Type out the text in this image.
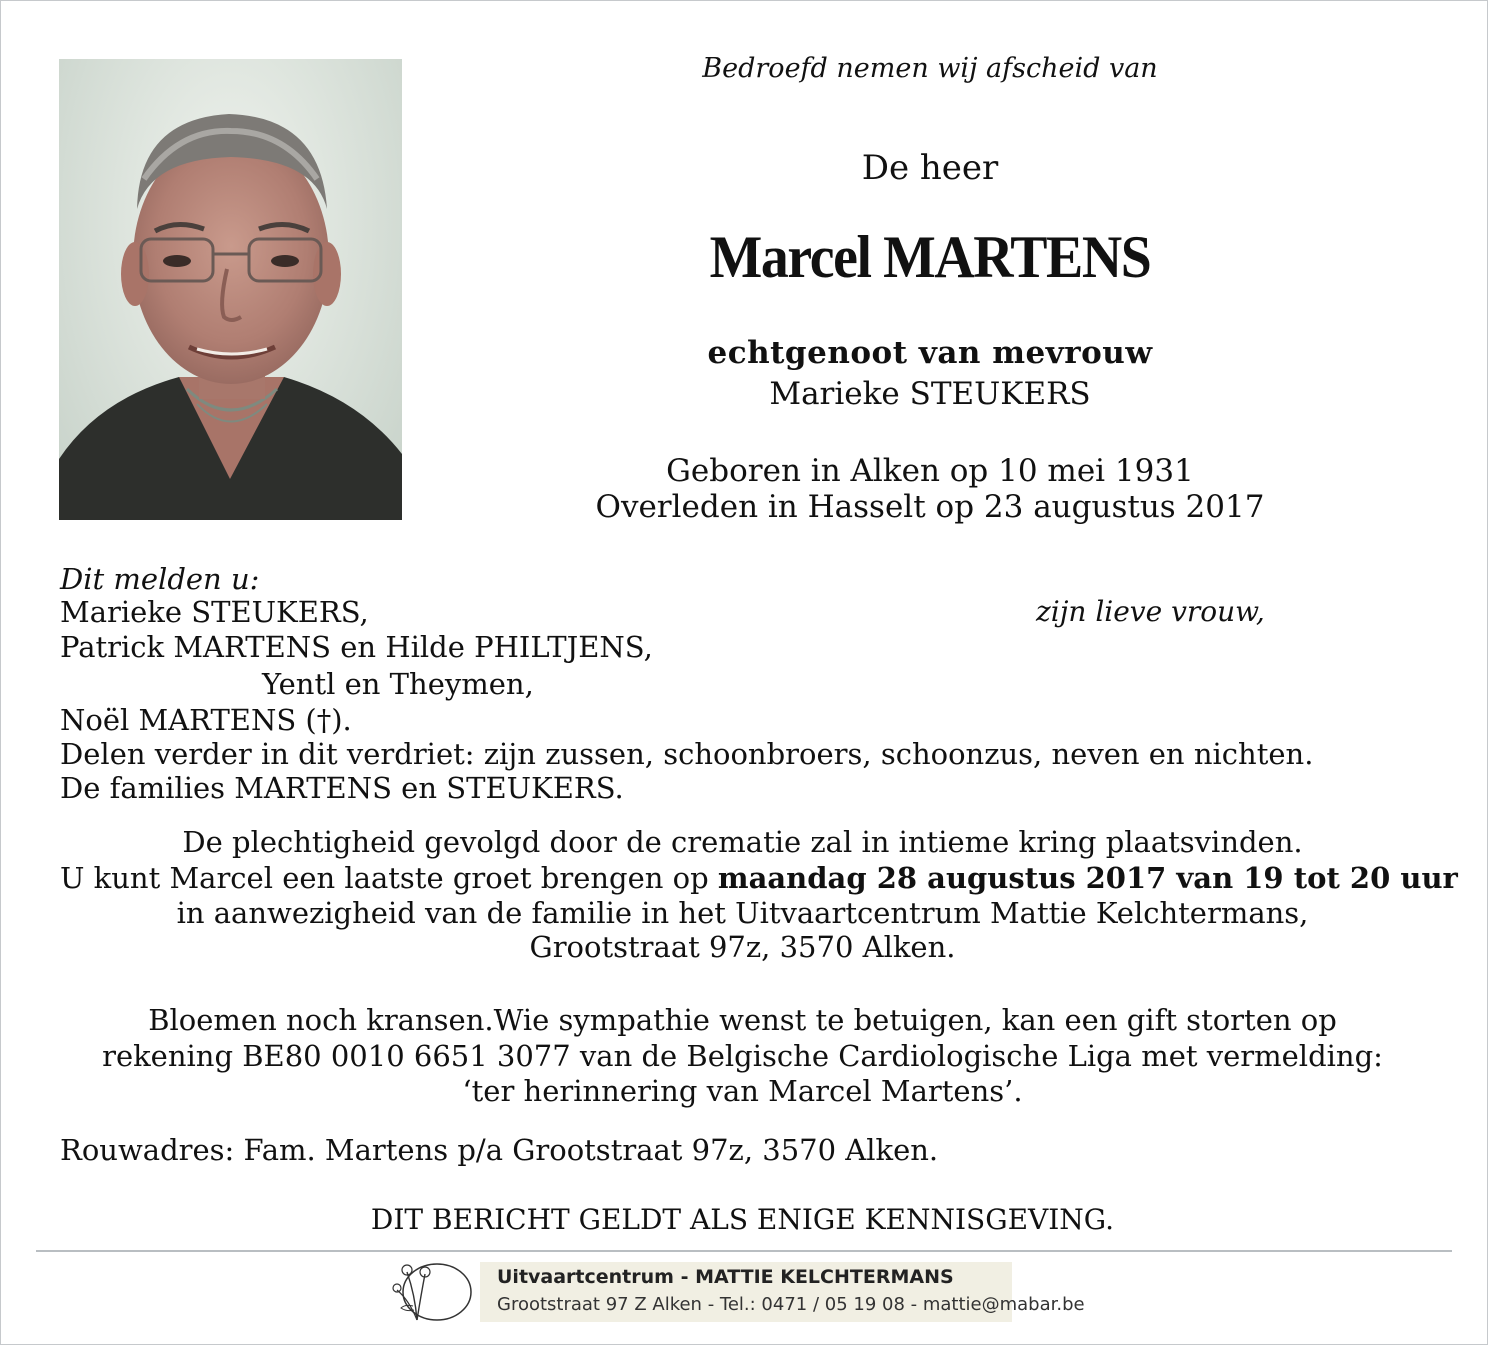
Bedroefd nemen wij afscheid van
De heer
Marcel MARTENS
echtgenoot van mevrouw
Marieke STEUKERS
Geboren in Alken op 10 mei 1931
Overleden in Hasselt op 23 augustus 2017
Dit melden u:
Marieke STEUKERS,	zijn lieve vrouw,
Patrick MARTENS en Hilde PHILTJENS,
Yentl en Theymen,
Noël MARTENS (†).
Delen verder in dit verdriet: zijn zussen, schoonbroers, schoonzus, neven en nichten.
De families MARTENS en STEUKERS.
De plechtigheid gevolgd door de crematie zal in intieme kring plaatsvinden.
U kunt Marcel een laatste groet brengen op maandag 28 augustus 2017 van 19 tot 20 uur
in aanwezigheid van de familie in het Uitvaartcentrum Mattie Kelchtermans,
Grootstraat 97z, 3570 Alken.
Bloemen noch kransen.Wie sympathie wenst te betuigen, kan een gift storten op
rekening BE80 0010 6651 3077 van de Belgische Cardiologische Liga met vermelding:
‘ter herinnering van Marcel Martens’.
Rouwadres: Fam. Martens p/a Grootstraat 97z, 3570 Alken.
DIT BERICHT GELDT ALS ENIGE KENNISGEVING.
Uitvaartcentrum - MATTIE KELCHTERMANS
Grootstraat 97 Z Alken - Tel.: 0471 / 05 19 08 - mattie@mabar.be
